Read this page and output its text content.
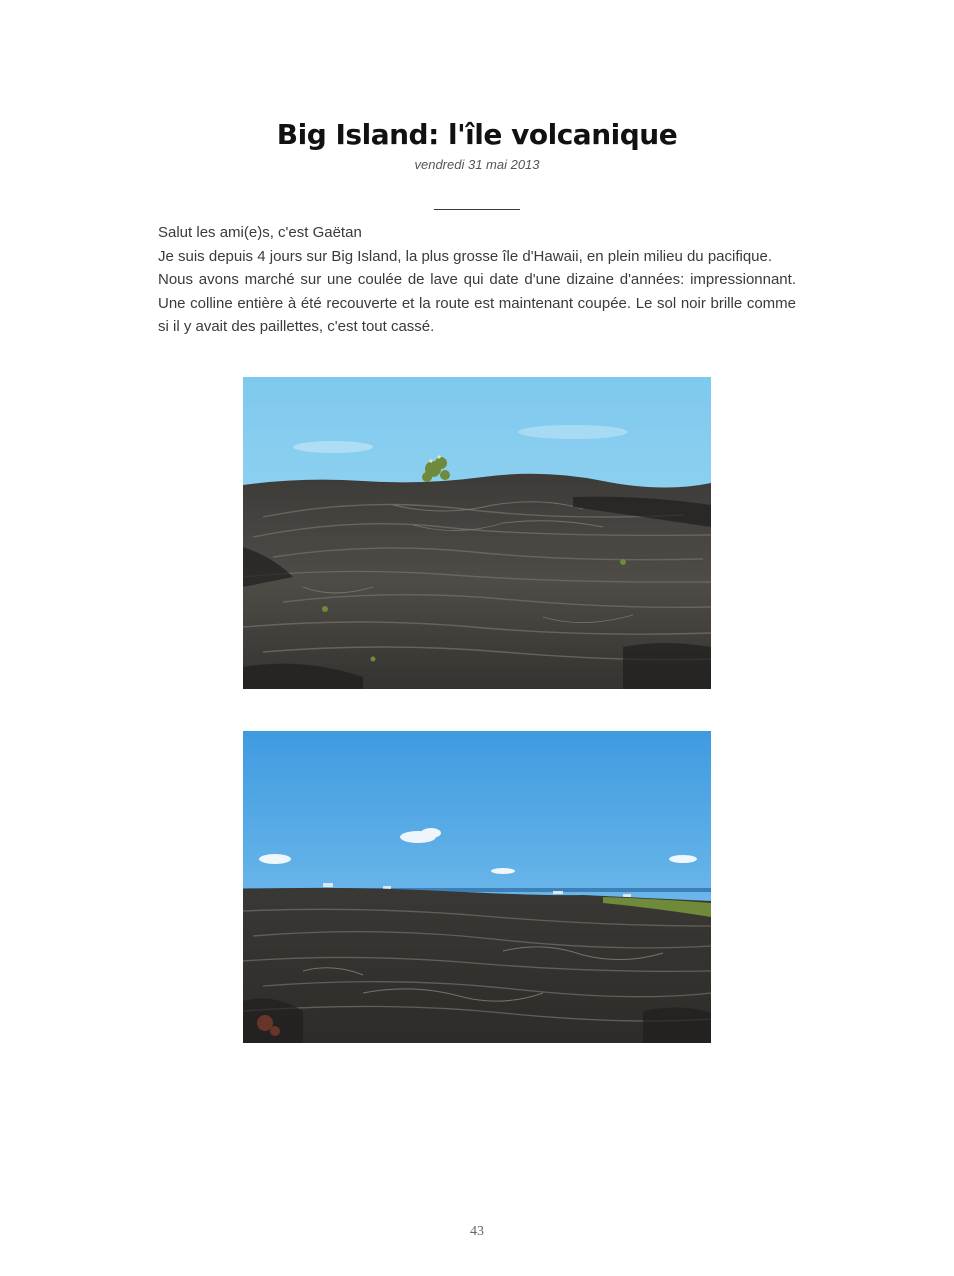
Big Island: l'île volcanique
vendredi 31 mai 2013
___________

Salut les ami(e)s, c'est Gaëtan

Je suis depuis 4 jours sur Big Island, la plus grosse île d'Hawaii, en plein milieu du pacifique.

Nous avons marché sur une coulée de lave qui date d'une dizaine d'années: impressionnant. Une colline entière à été recouverte et la route est maintenant coupée. Le sol noir brille comme si il y avait des paillettes, c'est tout cassé.

43
